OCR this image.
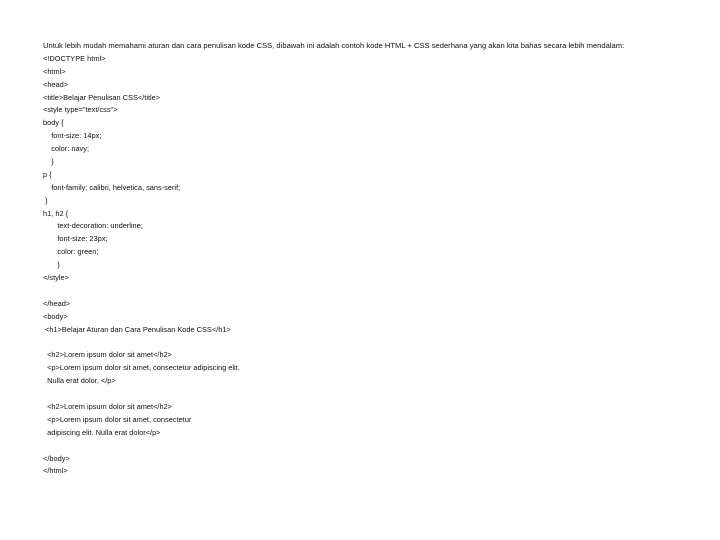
Untuk lebih mudah memahami aturan dan cara penulisan kode CSS, dibawah ini adalah contoh kode HTML + CSS sederhana yang akan kita bahas secara lebih mendalam:
<!DOCTYPE html>
<html>
<head>
<title>Belajar Penulisan CSS</title>
<style type="text/css">
body {
font-size: 14px;
color: navy;
}
p {
font-family: calibri, helvetica, sans-serif;
}
h1, h2 {
text-decoration: underline;
font-size: 23px;
color: green;
}
</style>
</head>
<body>
<h1>Belajar Aturan dan Cara Penulisan Kode CSS</h1>
<h2>Lorem ipsum dolor sit amet</h2>
<p>Lorem ipsum dolor sit amet, consectetur adipiscing elit.
Nulla erat dolor, </p>
<h2>Lorem ipsum dolor sit amet</h2>
<p>Lorem ipsum dolor sit amet, consectetur
adipiscing elit. Nulla erat dolor</p>
</body>
</html>
